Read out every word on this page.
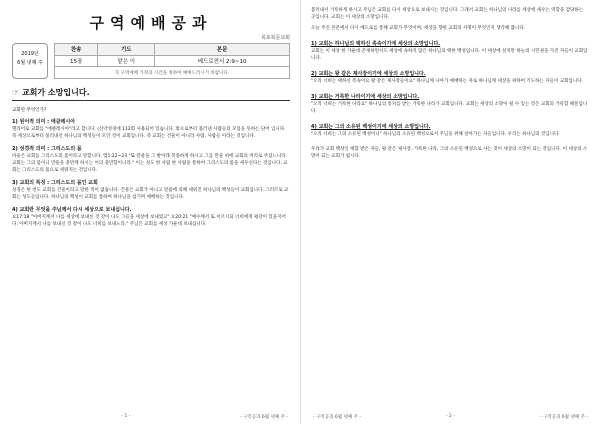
구역예배공과
목포북문교회
2019년
6월 넷째 주
찬송	기도	본문
15장	맡은 이	베드로전서 2:9~10
꼭 구역예배 가정과 시간을 정하여 예배드리시기 바랍니다.		
☞ 교회가 소망입니다.
교회란 무엇인가?
1) 원어적 의미 : 에클레시아
헬라어로 교회를 "에클레시아"라고 합니다. (신약성경에 112회 사용되어 있습니다. 밖으로부터 불러낸 사람들의 모임을 뜻하는 단어 입니다. 즉 세상으로부터 불러내신 하나님의 백성들이 모인 것이 교회입니다. 즉 교회는 건물이 아니라 사람, 사람들 이라는 것입니다.
2) 성경적 의미 : 그리스도의 몸
바울은 교회를 그리스도의 몸이라고 말합니다. 엡1:22~23 "또 만물을 그 발아래 복종하게 하시고 그를 만물 위에 교회의 머리로 주셨느니라. 교회는 그의 몸이니 만물을 충만케 하시는 이의 충만함이니라." 이는 성도 한 사람 한 사람을 통하여 그리스도의 몸을 세우신다는 것입니다. 교회는 그리스도의 몸으로 세워지는 것입니다.
3) 교회의 특징 : 그리스도의 몸인 교회
성경은 한 번도 교회를 건물이라고 말한 적이 없습니다. 건물은 교회가 아니고 말씀에 의해 세워진 하나님의 백성들이 교회입니다. 그러므로 교회는 성도들입니다. 하나님의 백성이 교회를 통하여 하나님을 섬기며 예배하는 것입니다.
4) 교회란 무엇을 주님께서 다시 세상으로 보내십니다.
요17:18 "아버지께서 나를 세상에 보내신 것 같이 나도 그들을 세상에 보내었고" 요20:21 "예수께서 또 이르시되 너희에게 평강이 있을지어다. 아버지께서 나를 보내신 것 같이 나도 너희를 보내노라." 주님은 교회를 세상 가운데 보내십니다.
- 1 -	- 구역공과 6월 넷째 주 -
불러내서 거룩하게 하시고 주님은 교회를 다시 세상으로 보내시는 것입니다. 그래서 교회는 하나님의 나라를 세상에 세우는 역할을 감당하는 곳입니다. 교회는 이 세상의 소망입니다.
오늘 주신 본문에서 다시 베드로를 통해 교회가 무엇이며, 세상을 향한 교회의 사명이 무엇인지 생각해 봅니다.
1) 교회는 하나님의 택하신 족속이기에 세상의 소망입니다.
교회는 이 세상 한 가운데 존재하면서도 세상에 속하지 않은 하나님의 택한 백성입니다. 이 세상에 살지만 하늘의 시민권을 가진 자들이 교회입니다.
2) 교회는 왕 같은 제사장이기에 세상의 소망입니다.
"오직 너희는 택하신 족속이요 왕 같은 제사장들이요" 하나님께 나아가 예배하는 자로 하나님께 세상을 위하여 기도하는 자들이 교회입니다.
3) 교회는 거룩한 나라이기에 세상의 소망입니다.
"오직 너희는 거룩한 나라요" 하나님의 통치를 받는 거룩한 나라가 교회입니다. 교회는 세상의 소망이 될 수 있는 것은 교회의 거룩함 때문입니다.
4) 교회는 그의 소유된 백성이기에 세상의 소망입니다.
"오직 너희는 그의 소유된 백성이니" 하나님의 소유된 백성으로서 주님을 위해 살아가는 자들입니다. 우리는 하나님의 것입니다.
우리가 교회 백성인 택함 받은 자들, 왕 같은 제사장, 거룩한 나라, 그의 소유된 백성으로 사는 것이 세상의 소망이 되는 것입니다. 이 세상의 소망이 되는 교회가 됩시다.
- 구역공과 6월 넷째 주 -	- 2 -	- 구역공과 6월 넷째 주 -
